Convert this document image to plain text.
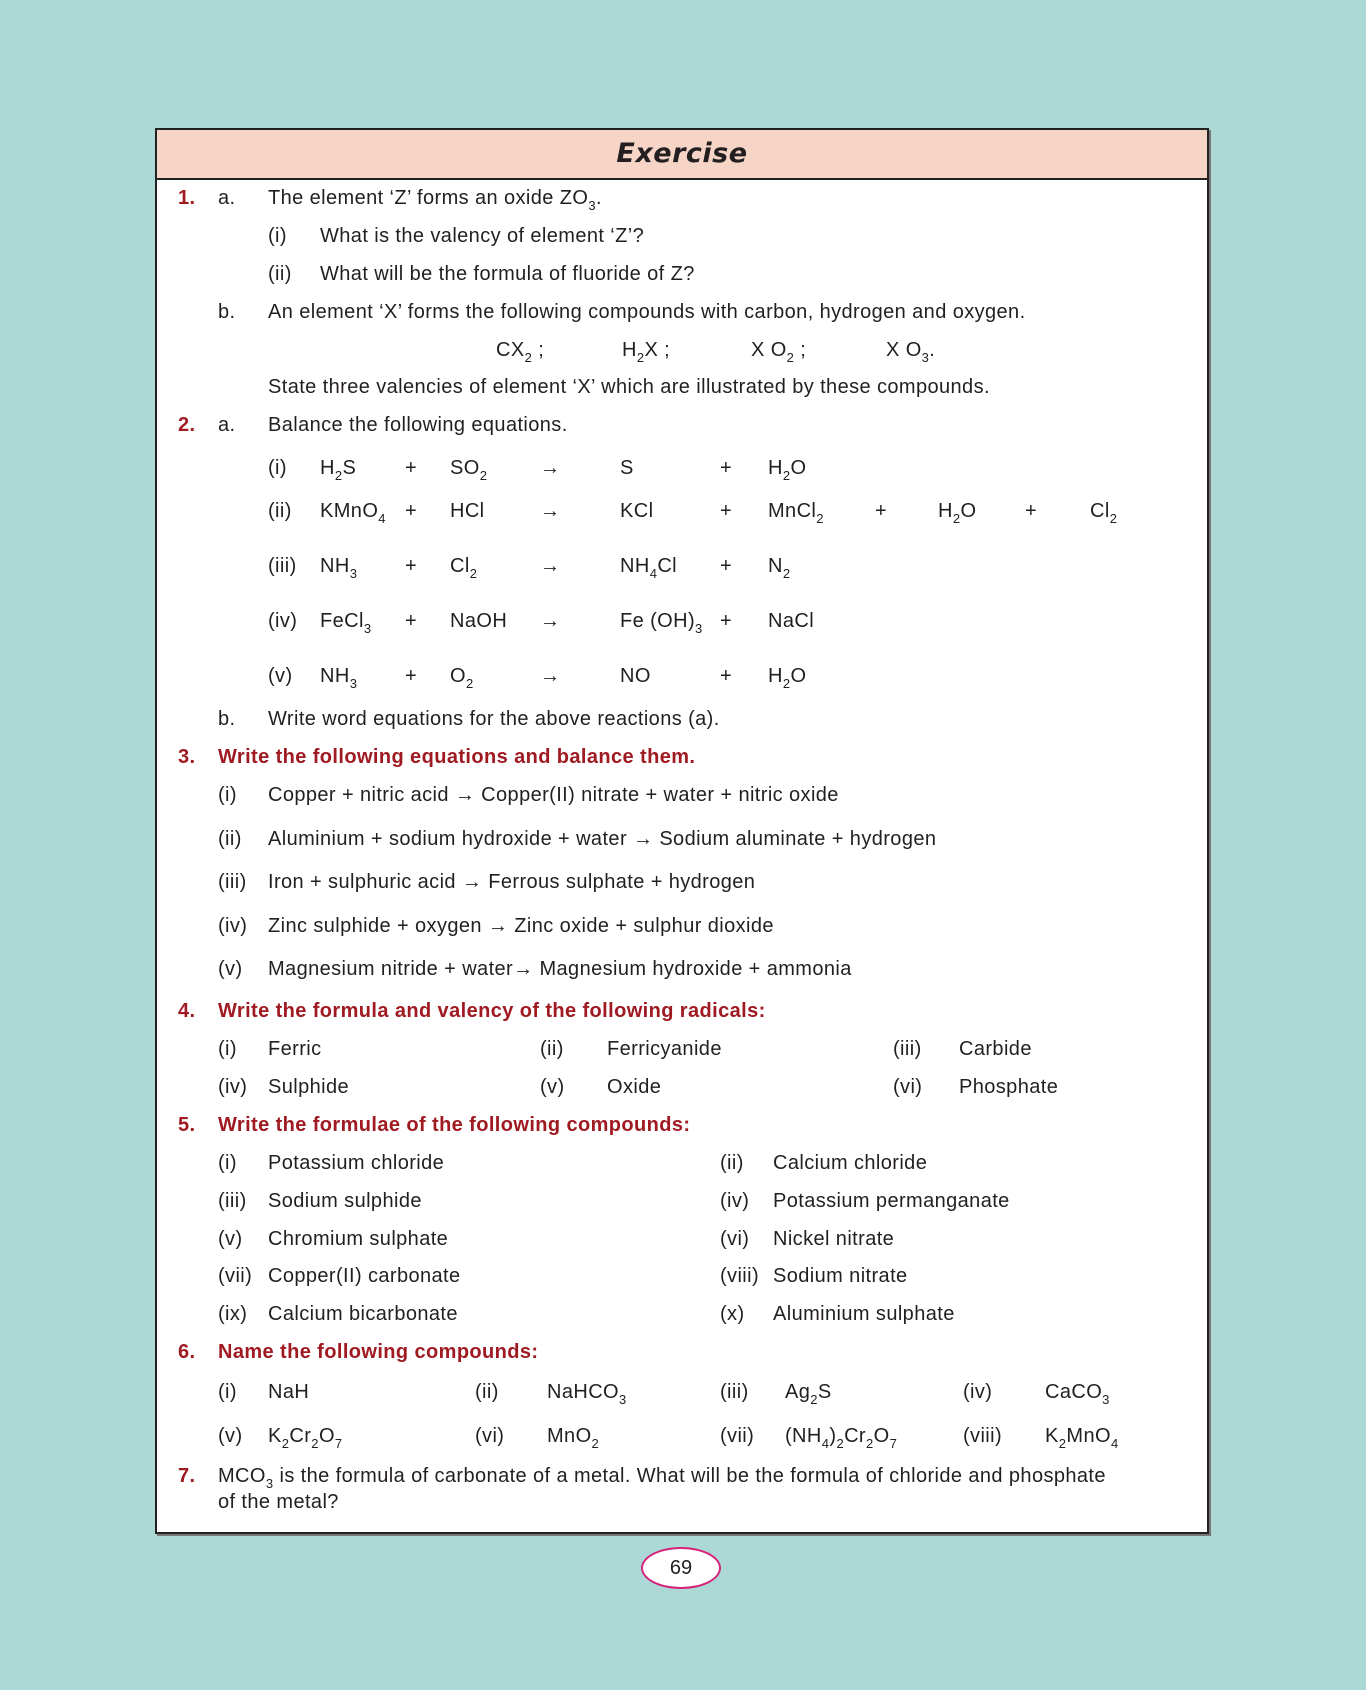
Exercise
1. a. The element ‘Z’ forms an oxide $ZO_3$.
(i) What is the valency of element ‘Z’?
(ii) What will be the formula of fluoride of Z?
b. An element ‘X’ forms the following compounds with carbon, hydrogen and oxygen.
$CX_2$ ;	$H_2X$ ;	X $O_2$ ;	X $O_3$.
State three valencies of element ‘X’ which are illustrated by these compounds.
2. a. Balance the following equations.
(i) $H_2S + SO_2$	→	S	+ $H_2O$
(ii) KMnO$_4$ + HCl	→	KCl	+ MnCl$_2$	+	$H_2O$ +	$Cl_2$
(iii) $NH_3 + Cl_2$	→	$NH_4Cl + N_2$
(iv) FeCl$_3$ + NaOH →	Fe $(OH)_3$ + NaCl
(v) $NH_3 + O_2$	→	NO	+ $H_2O$
b. Write word equations for the above reactions (a).
3. Write the following equations and balance them.
(i) Copper + nitric acid → Copper(II) nitrate + water + nitric oxide
(ii) Aluminium + sodium hydroxide + water → Sodium aluminate + hydrogen
(iii) Iron + sulphuric acid → Ferrous sulphate + hydrogen
(iv) Zinc sulphide + oxygen → Zinc oxide + sulphur dioxide
(v) Magnesium nitride + water→ Magnesium hydroxide + ammonia
4. Write the formula and valency of the following radicals:
(i) Ferric	(ii) Ferricyanide	(iii) Carbide
(iv) Sulphide	(v) Oxide	(vi) Phosphate
5. Write the formulae of the following compounds:
(i) Potassium chloride	(ii) Calcium chloride
(iii) Sodium sulphide	(iv) Potassium permanganate
(v) Chromium sulphate	(vi) Nickel nitrate
(vii) Copper(II) carbonate	(viii) Sodium nitrate
(ix) Calcium bicarbonate	(x) Aluminium sulphate
6. Name the following compounds:
(i) NaH	(ii) NaHCO$_3$	(iii) $Ag_2S$	(iv)	CaCO$_3$
(v) $K_2Cr_2O_7$	(vi) MnO$_2$	(vii) $(NH_4)_2Cr_2O_7$	(viii) $K_2MnO_4$
7. $MCO_3$ is the formula of carbonate of a metal. What will be the formula of chloride and phosphate
of the metal?
69
